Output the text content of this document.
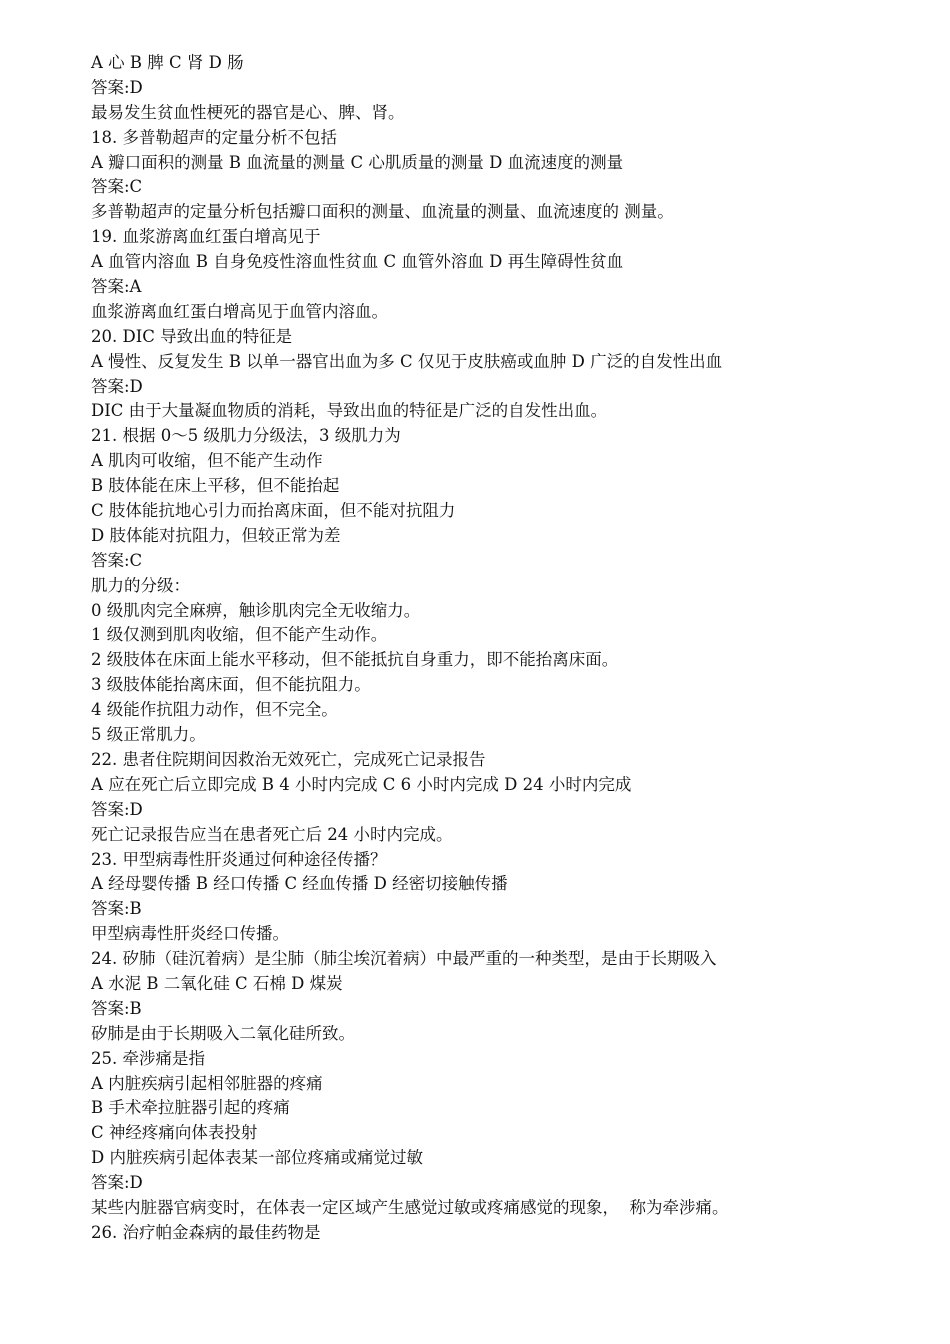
A 心 B 脾 C 肾 D 肠
答案:D
最易发生贫血性梗死的器官是心、脾、肾。
18. 多普勒超声的定量分析不包括
A 瓣口面积的测量 B 血流量的测量 C 心肌质量的测量 D 血流速度的测量
答案:C
多普勒超声的定量分析包括瓣口面积的测量、血流量的测量、血流速度的 测量。
19. 血浆游离血红蛋白增高见于
A 血管内溶血 B 自身免疫性溶血性贫血 C 血管外溶血 D 再生障碍性贫血
答案:A
血浆游离血红蛋白增高见于血管内溶血。
20. DIC 导致出血的特征是
A 慢性、反复发生 B 以单一器官出血为多 C 仅见于皮肤癌或血肿 D 广泛的自发性出血
答案:D
DIC 由于大量凝血物质的消耗，导致出血的特征是广泛的自发性出血。
21. 根据 0～5 级肌力分级法，3 级肌力为
A 肌肉可收缩，但不能产生动作
B 肢体能在床上平移，但不能抬起
C 肢体能抗地心引力而抬离床面，但不能对抗阻力
D 肢体能对抗阻力，但较正常为差
答案:C
肌力的分级：
0 级肌肉完全麻痹，触诊肌肉完全无收缩力。
1 级仅测到肌肉收缩，但不能产生动作。
2 级肢体在床面上能水平移动，但不能抵抗自身重力，即不能抬离床面。
3 级肢体能抬离床面，但不能抗阻力。
4 级能作抗阻力动作，但不完全。
5 级正常肌力。
22. 患者住院期间因救治无效死亡，完成死亡记录报告
A 应在死亡后立即完成 B 4 小时内完成 C 6 小时内完成 D 24 小时内完成
答案:D
死亡记录报告应当在患者死亡后 24 小时内完成。
23. 甲型病毒性肝炎通过何种途径传播？
A 经母婴传播 B 经口传播 C 经血传播 D 经密切接触传播
答案:B
甲型病毒性肝炎经口传播。
24. 矽肺（硅沉着病）是尘肺（肺尘埃沉着病）中最严重的一种类型，是由于长期吸入
A 水泥 B 二氧化硅 C 石棉 D 煤炭
答案:B
矽肺是由于长期吸入二氧化硅所致。
25. 牵涉痛是指
A 内脏疾病引起相邻脏器的疼痛
B 手术牵拉脏器引起的疼痛
C 神经疼痛向体表投射
D 内脏疾病引起体表某一部位疼痛或痛觉过敏
答案:D
某些内脏器官病变时，在体表一定区域产生感觉过敏或疼痛感觉的现象，  称为牵涉痛。
26. 治疗帕金森病的最佳药物是
